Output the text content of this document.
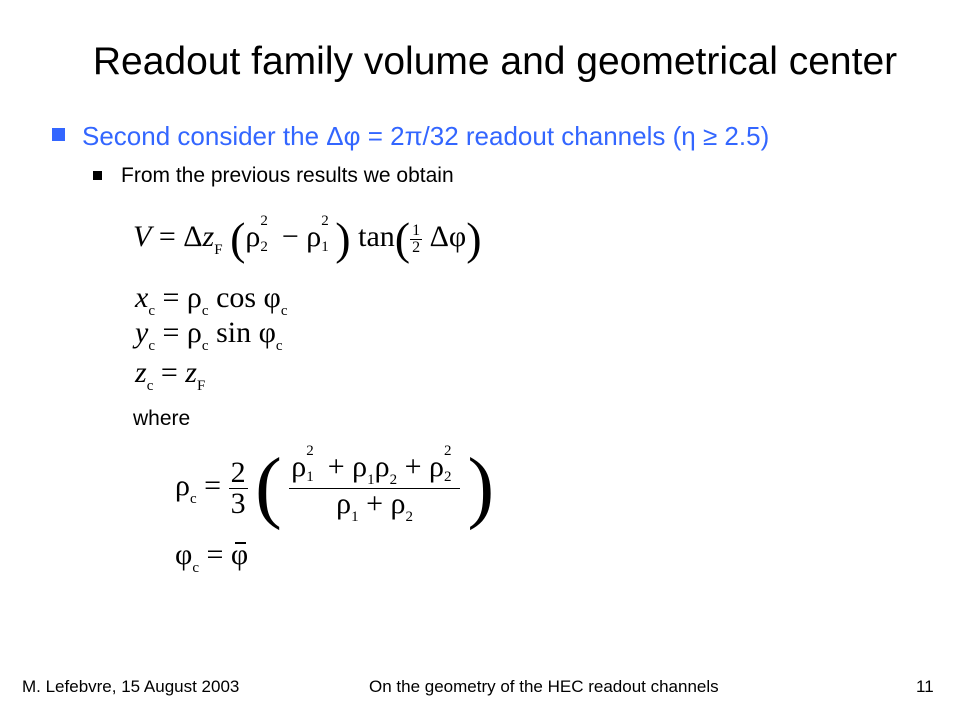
Readout family volume and geometrical center
Second consider the Δφ = 2π/32 readout channels (η ≥ 2.5)
From the previous results we obtain
$V = \Delta z_F$ (ρ 2
2 − ρ 2
1 ) $\tan( \frac{1}{2} \Delta\varphi)$
$x_c = \rho_c$ $\cos \varphi_c$
$y_c = \rho_c$ $\sin \varphi_c$
$z_c = z_F$
where
$\rho_c = \frac{2}{3}$ ( ρ 2
$1 + \rho_1\rho_2 + \rho$ 2
2
$\rho_1 + \rho_2$ )
$\varphi_c = \varphi$
M. Lefebvre, 15 August 2003	On the geometry of the HEC readout channels	11
